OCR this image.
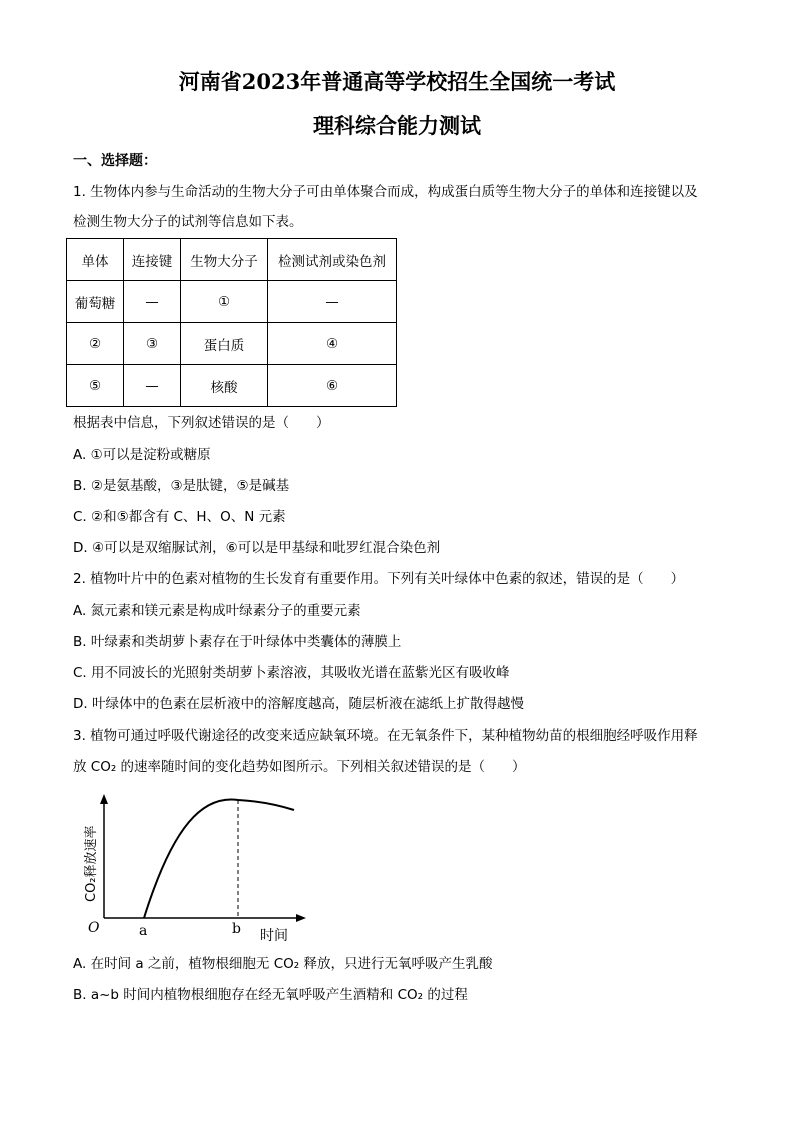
河南省2023年普通高等学校招生全国统一考试
理科综合能力测试
一、选择题：
1. 生物体内参与生命活动的生物大分子可由单体聚合而成，构成蛋白质等生物大分子的单体和连接键以及
检测生物大分子的试剂等信息如下表。
单体	连接键	生物大分子	检测试剂或染色剂
葡萄糖	—	①	—
②	③	蛋白质	④
⑤	—	核酸	⑥
根据表中信息，下列叙述错误的是（　　）
A. ①可以是淀粉或糖原
B. ②是氨基酸，③是肽键，⑤是碱基
C. ②和⑤都含有 C、H、O、N 元素
D. ④可以是双缩脲试剂，⑥可以是甲基绿和吡罗红混合染色剂
2. 植物叶片中的色素对植物的生长发育有重要作用。下列有关叶绿体中色素的叙述，错误的是（　　）
A. 氮元素和镁元素是构成叶绿素分子的重要元素
B. 叶绿素和类胡萝卜素存在于叶绿体中类囊体的薄膜上
C. 用不同波长的光照射类胡萝卜素溶液，其吸收光谱在蓝紫光区有吸收峰
D. 叶绿体中的色素在层析液中的溶解度越高，随层析液在滤纸上扩散得越慢
3. 植物可通过呼吸代谢途径的改变来适应缺氧环境。在无氧条件下，某种植物幼苗的根细胞经呼吸作用释
放 CO₂ 的速率随时间的变化趋势如图所示。下列相关叙述错误的是（　　）
O	a	b 时间
CO₂释放速率
A. 在时间 a 之前，植物根细胞无 CO₂ 释放，只进行无氧呼吸产生乳酸
B. a~b 时间内植物根细胞存在经无氧呼吸产生酒精和 CO₂ 的过程
